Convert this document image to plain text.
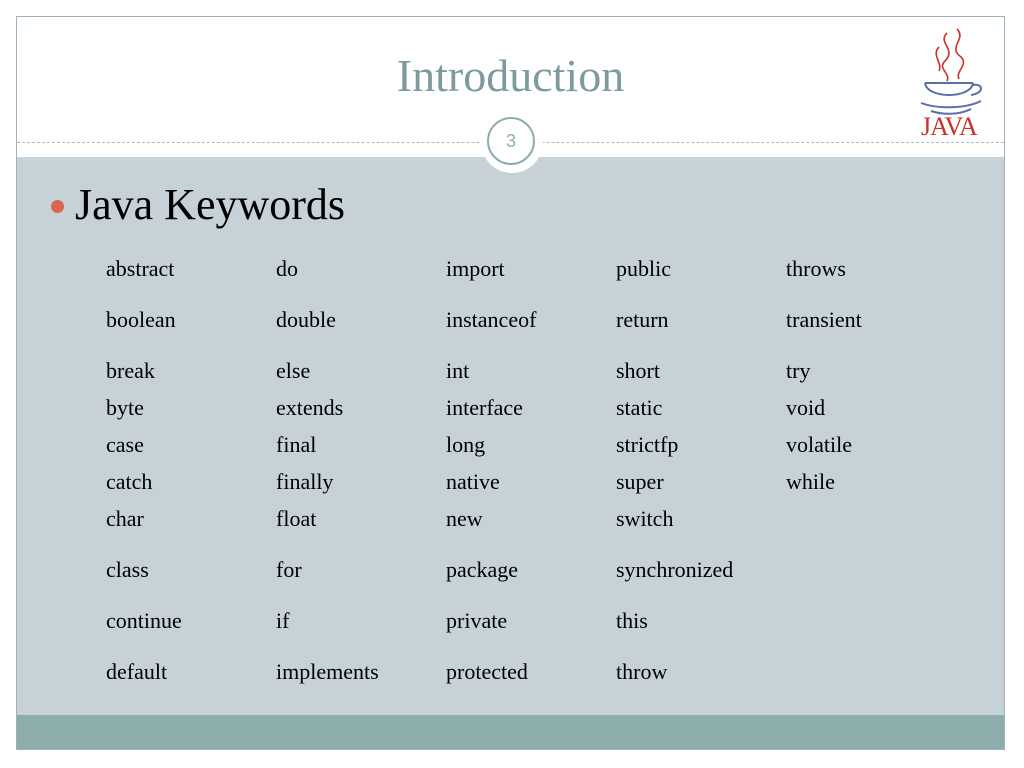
Introduction
JAVA
3
Java Keywords
abstract	do	import	public	throws
boolean	double	instanceof	return	transient
break	else	int	short	try
byte	extends	interface	static	void
case	final	long	strictfp	volatile
catch	finally	native	super	while
char	float	new	switch
class	for	package	synchronized
continue	if	private	this
default	implements	protected	throw
